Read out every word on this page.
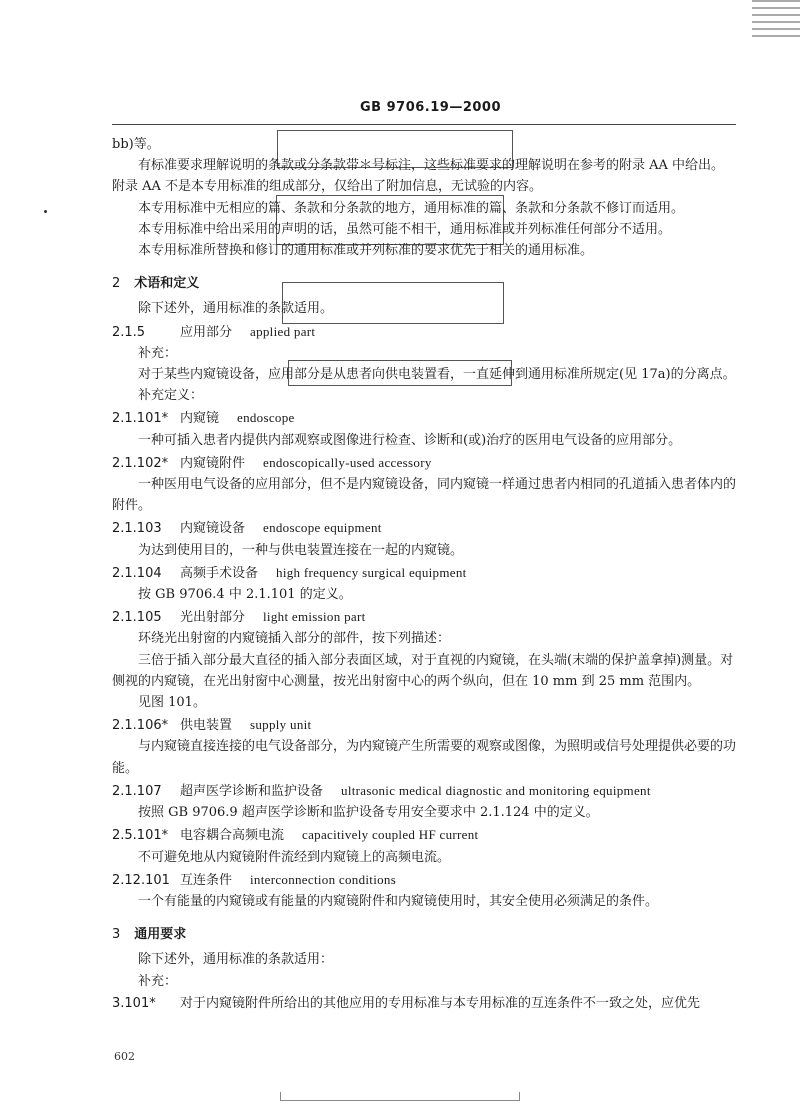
GB 9706.19—2000

bb)等。

有标准要求理解说明的条款或分条款带＊号标注，这些标准要求的理解说明在参考的附录 AA 中给出。附录 AA 不是本专用标准的组成部分，仅给出了附加信息，无试验的内容。

本专用标准中无相应的篇、条款和分条款的地方，通用标准的篇、条款和分条款不修订而适用。

本专用标准中给出采用的声明的话，虽然可能不相干，通用标准或并列标准任何部分不适用。

本专用标准所替换和修订的通用标准或并列标准的要求优先于相关的通用标准。

2 术语和定义

除下述外，通用标准的条款适用。

2.1.5	应用部分 applied part

补充：

对于某些内窥镜设备，应用部分是从患者向供电装置看，一直延伸到通用标准所规定(见 17a)的分离点。

补充定义：

2.1.101* 内窥镜 endoscope

一种可插入患者内提供内部观察或图像进行检查、诊断和(或)治疗的医用电气设备的应用部分。

2.1.102* 内窥镜附件 endoscopically-used accessory

一种医用电气设备的应用部分，但不是内窥镜设备，同内窥镜一样通过患者内相同的孔道插入患者体内的附件。

2.1.103	内窥镜设备 endoscope equipment

为达到使用目的，一种与供电装置连接在一起的内窥镜。

2.1.104	高频手术设备 high frequency surgical equipment

按 GB 9706.4 中 2.1.101 的定义。

2.1.105	光出射部分 light emission part

环绕光出射窗的内窥镜插入部分的部件，按下列描述：

三倍于插入部分最大直径的插入部分表面区域，对于直视的内窥镜，在头端(末端的保护盖拿掉)测量。对侧视的内窥镜，在光出射窗中心测量，按光出射窗中心的两个纵向，但在 10 mm 到 25 mm 范围内。

见图 101。

2.1.106* 供电装置 supply unit

与内窥镜直接连接的电气设备部分，为内窥镜产生所需要的观察或图像，为照明或信号处理提供必要的功能。

2.1.107	超声医学诊断和监护设备 ultrasonic medical diagnostic and monitoring equipment

按照 GB 9706.9 超声医学诊断和监护设备专用安全要求中 2.1.124 中的定义。

2.5.101* 电容耦合高频电流 capacitively coupled HF current

不可避免地从内窥镜附件流经到内窥镜上的高频电流。

2.12.101 互连条件 interconnection conditions

一个有能量的内窥镜或有能量的内窥镜附件和内窥镜使用时，其安全使用必须满足的条件。

3 通用要求

除下述外，通用标准的条款适用：

补充：

3.101*	对于内窥镜附件所给出的其他应用的专用标准与本专用标准的互连条件不一致之处，应优先
602
